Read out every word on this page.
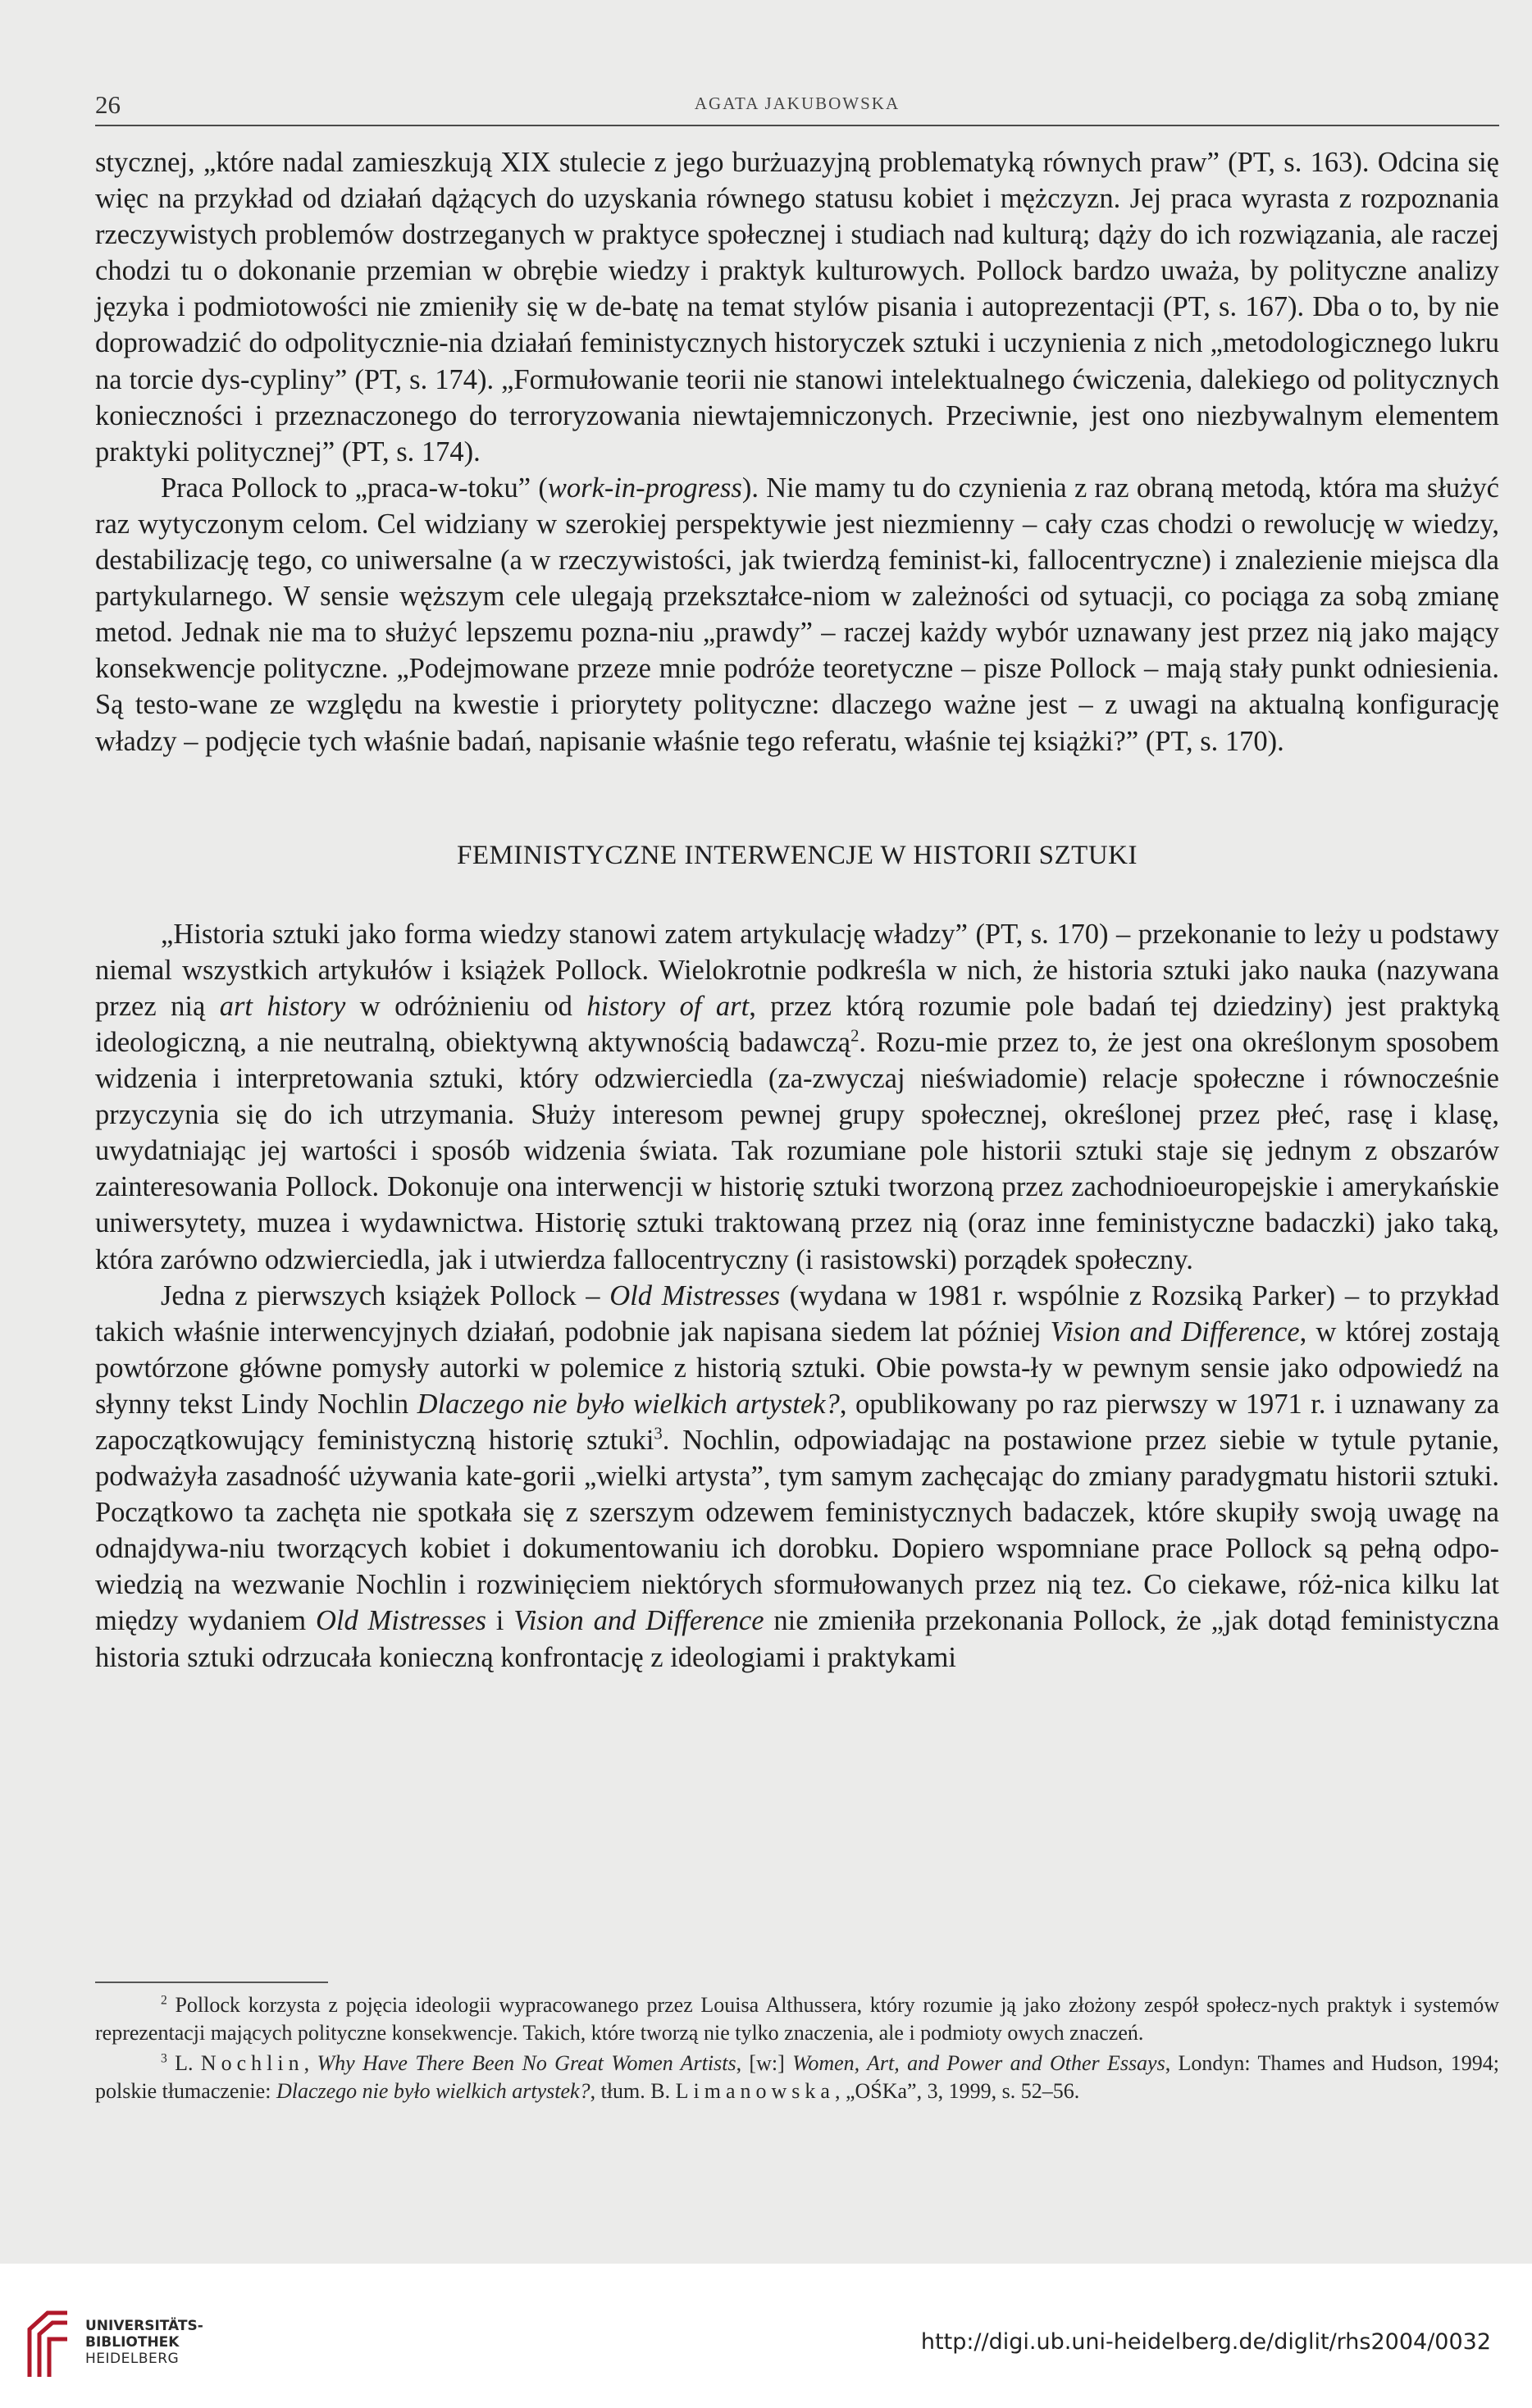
26	AGATA JAKUBOWSKA

stycznej, „które nadal zamieszkują XIX stulecie z jego burżuazyjną problematyką równych praw” (PT, s. 163). Odcina się więc na przykład od działań dążących do uzyskania równego statusu kobiet i mężczyzn. Jej praca wyrasta z rozpoznania rzeczywistych problemów dostrzeganych w praktyce społecznej i studiach nad kulturą; dąży do ich rozwiązania, ale raczej chodzi tu o dokonanie przemian w obrębie wiedzy i praktyk kulturowych. Pollock bardzo uważa, by polityczne analizy języka i podmiotowości nie zmieniły się w de-batę na temat stylów pisania i autoprezentacji (PT, s. 167). Dba o to, by nie doprowadzić do odpolitycznie-nia działań feministycznych historyczek sztuki i uczynienia z nich „metodologicznego lukru na torcie dys-cypliny” (PT, s. 174). „Formułowanie teorii nie stanowi intelektualnego ćwiczenia, dalekiego od politycznych konieczności i przeznaczonego do terroryzowania niewtajemniczonych. Przeciwnie, jest ono niezbywalnym elementem praktyki politycznej” (PT, s. 174).

Praca Pollock to „praca-w-toku” (work-in-progress). Nie mamy tu do czynienia z raz obraną metodą, która ma służyć raz wytyczonym celom. Cel widziany w szerokiej perspektywie jest niezmienny – cały czas chodzi o rewolucję w wiedzy, destabilizację tego, co uniwersalne (a w rzeczywistości, jak twierdzą feminist-ki, fallocentryczne) i znalezienie miejsca dla partykularnego. W sensie węższym cele ulegają przekształce-niom w zależności od sytuacji, co pociąga za sobą zmianę metod. Jednak nie ma to służyć lepszemu pozna-niu „prawdy” – raczej każdy wybór uznawany jest przez nią jako mający konsekwencje polityczne. „Podejmowane przeze mnie podróże teoretyczne – pisze Pollock – mają stały punkt odniesienia. Są testo-wane ze względu na kwestie i priorytety polityczne: dlaczego ważne jest – z uwagi na aktualną konfigurację władzy – podjęcie tych właśnie badań, napisanie właśnie tego referatu, właśnie tej książki?” (PT, s. 170).

FEMINISTYCZNE INTERWENCJE W HISTORII SZTUKI

„Historia sztuki jako forma wiedzy stanowi zatem artykulację władzy” (PT, s. 170) – przekonanie to leży u podstawy niemal wszystkich artykułów i książek Pollock. Wielokrotnie podkreśla w nich, że historia sztuki jako nauka (nazywana przez nią art history w odróżnieniu od history of art, przez którą rozumie pole badań tej dziedziny) jest praktyką ideologiczną, a nie neutralną, obiektywną aktywnością badawczą$^2$. Rozu-mie przez to, że jest ona określonym sposobem widzenia i interpretowania sztuki, który odzwierciedla (za-zwyczaj nieświadomie) relacje społeczne i równocześnie przyczynia się do ich utrzymania. Służy interesom pewnej grupy społecznej, określonej przez płeć, rasę i klasę, uwydatniając jej wartości i sposób widzenia świata. Tak rozumiane pole historii sztuki staje się jednym z obszarów zainteresowania Pollock. Dokonuje ona interwencji w historię sztuki tworzoną przez zachodnioeuropejskie i amerykańskie uniwersytety, muzea i wydawnictwa. Historię sztuki traktowaną przez nią (oraz inne feministyczne badaczki) jako taką, która zarówno odzwierciedla, jak i utwierdza fallocentryczny (i rasistowski) porządek społeczny.

Jedna z pierwszych książek Pollock – Old Mistresses (wydana w 1981 r. wspólnie z Rozsiką Parker) – to przykład takich właśnie interwencyjnych działań, podobnie jak napisana siedem lat później Vision and Difference, w której zostają powtórzone główne pomysły autorki w polemice z historią sztuki. Obie powsta-ły w pewnym sensie jako odpowiedź na słynny tekst Lindy Nochlin Dlaczego nie było wielkich artystek?, opublikowany po raz pierwszy w 1971 r. i uznawany za zapoczątkowujący feministyczną historię sztuki$^3$. Nochlin, odpowiadając na postawione przez siebie w tytule pytanie, podważyła zasadność używania kate-gorii „wielki artysta”, tym samym zachęcając do zmiany paradygmatu historii sztuki. Początkowo ta zachęta nie spotkała się z szerszym odzewem feministycznych badaczek, które skupiły swoją uwagę na odnajdywa-niu tworzących kobiet i dokumentowaniu ich dorobku. Dopiero wspomniane prace Pollock są pełną odpo-wiedzią na wezwanie Nochlin i rozwinięciem niektórych sformułowanych przez nią tez. Co ciekawe, róż-nica kilku lat między wydaniem Old Mistresses i Vision and Difference nie zmieniła przekonania Pollock, że „jak dotąd feministyczna historia sztuki odrzucała konieczną konfrontację z ideologiami i praktykami

$^2$ Pollock korzysta z pojęcia ideologii wypracowanego przez Louisa Althussera, który rozumie ją jako złożony zespół społecz-nych praktyk i systemów reprezentacji mających polityczne konsekwencje. Takich, które tworzą nie tylko znaczenia, ale i podmioty owych znaczeń.

$^3$ L. Nochlin, Why Have There Been No Great Women Artists, [w:] Women, Art, and Power and Other Essays, Londyn: Thames and Hudson, 1994; polskie tłumaczenie: Dlaczego nie było wielkich artystek?, tłum. B. Limanowska, „OŚKa”, 3, 1999, s. 52–56.

UNIVERSITÄTS-
BIBLIOTHEK
HEIDELBERG
http://digi.ub.uni-heidelberg.de/diglit/rhs2004/0032
